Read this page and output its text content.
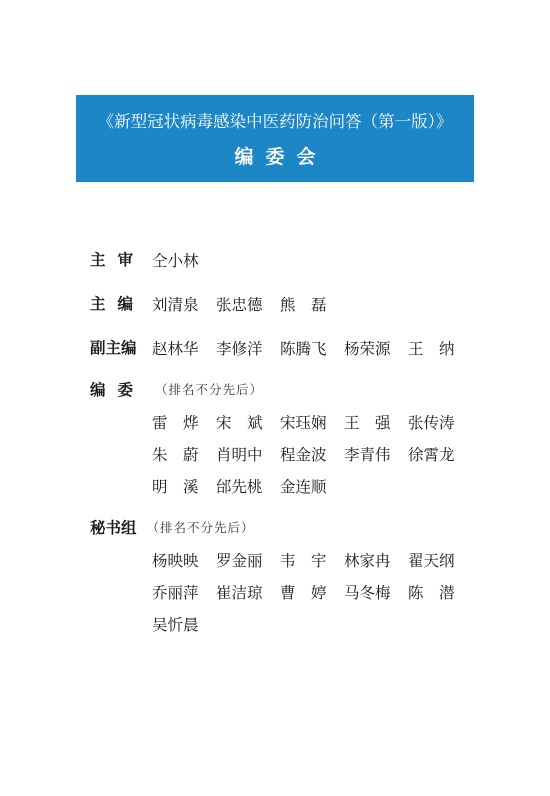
《新型冠状病毒感染中医药防治问答（第一版）》
编委会
主审 仝小林
主编 刘清泉	张忠德	熊　磊
副主编 赵林华	李修洋	陈腾飞	杨荣源	王　纳
编委 （排名不分先后）
雷　烨	宋　斌	宋珏娴	王　强	张传涛
朱　蔚	肖明中	程金波	李青伟	徐霄龙
明　溪	邰先桃	金连顺
秘书组 （排名不分先后）
杨映映	罗金丽	韦　宇	林家冉	翟天纲
乔丽萍	崔洁琼	曹　婷	马冬梅	陈　潜
吴忻晨
